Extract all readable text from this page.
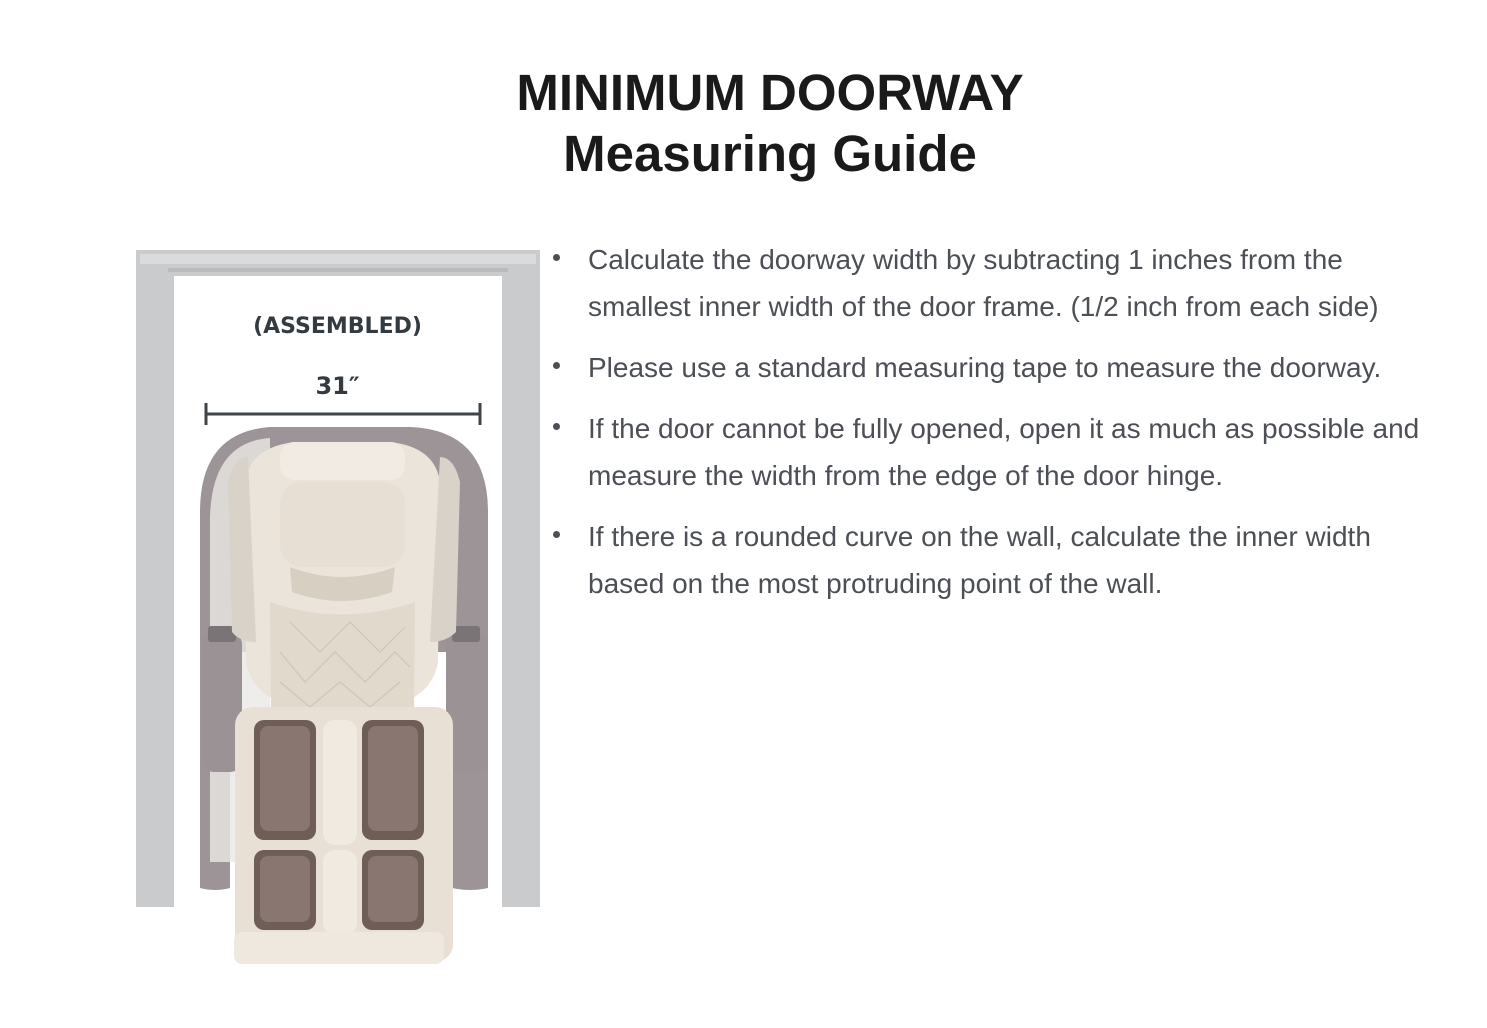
MINIMUM DOORWAY
Measuring Guide
(ASSEMBLED)
31″
Calculate the doorway width by subtracting 1 inches from the smallest inner width of the door frame. (1/2 inch from each side)
Please use a standard measuring tape to measure the doorway.
If the door cannot be fully opened, open it as much as possible and measure the width from the edge of the door hinge.
If there is a rounded curve on the wall, calculate the inner width based on the most protruding point of the wall.
